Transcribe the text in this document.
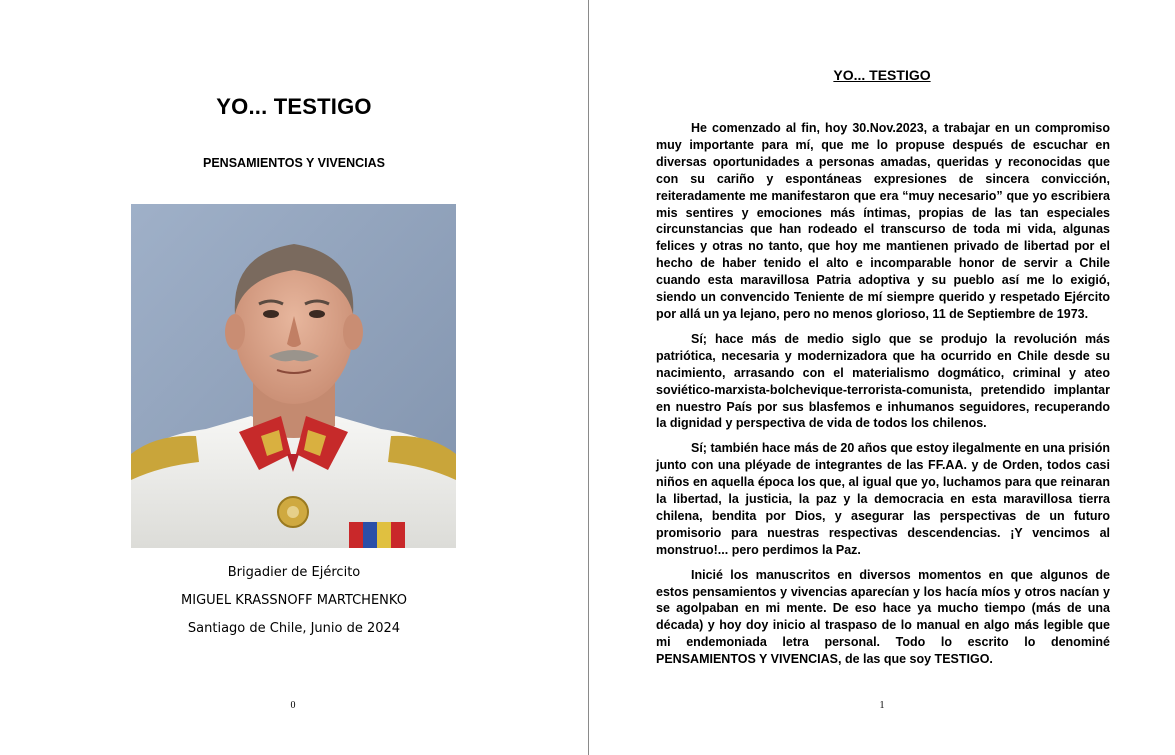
YO... TESTIGO
PENSAMIENTOS Y VIVENCIAS
Brigadier de Ejército
MIGUEL KRASSNOFF MARTCHENKO
Santiago de Chile, Junio de 2024
0
YO... TESTIGO

He comenzado al fin, hoy 30.Nov.2023, a trabajar en un compromiso muy importante para mí, que me lo propuse después de escuchar en diversas oportunidades a personas amadas, queridas y reconocidas que con su cariño y espontáneas expresiones de sincera convicción, reiteradamente me manifestaron que era “muy necesario” que yo escribiera mis sentires y emociones más íntimas, propias de las tan especiales circunstancias que han rodeado el transcurso de toda mi vida, algunas felices y otras no tanto, que hoy me mantienen privado de libertad por el hecho de haber tenido el alto e incomparable honor de servir a Chile cuando esta maravillosa Patria adoptiva y su pueblo así me lo exigió, siendo un convencido Teniente de mí siempre querido y respetado Ejército por allá un ya lejano, pero no menos glorioso, 11 de Septiembre de 1973.

Sí; hace más de medio siglo que se produjo la revolución más patriótica, necesaria y modernizadora que ha ocurrido en Chile desde su nacimiento, arrasando con el materialismo dogmático, criminal y ateo soviético-marxista-bolchevique-terrorista-comunista, pretendido implantar en nuestro País por sus blasfemos e inhumanos seguidores, recuperando la dignidad y perspectiva de vida de todos los chilenos.

Sí; también hace más de 20 años que estoy ilegalmente en una prisión junto con una pléyade de integrantes de las FF.AA. y de Orden, todos casi niños en aquella época los que, al igual que yo, luchamos para que reinaran la libertad, la justicia, la paz y la democracia en esta maravillosa tierra chilena, bendita por Dios, y asegurar las perspectivas de un futuro promisorio para nuestras respectivas descendencias. ¡Y vencimos al monstruo!... pero perdimos la Paz.

Inicié los manuscritos en diversos momentos en que algunos de estos pensamientos y vivencias aparecían y los hacía míos y otros nacían y se agolpaban en mi mente. De eso hace ya mucho tiempo (más de una década) y hoy doy inicio al traspaso de lo manual en algo más legible que mi endemoniada letra personal. Todo lo escrito lo denominé PENSAMIENTOS Y VIVENCIAS, de las que soy TESTIGO.

1
